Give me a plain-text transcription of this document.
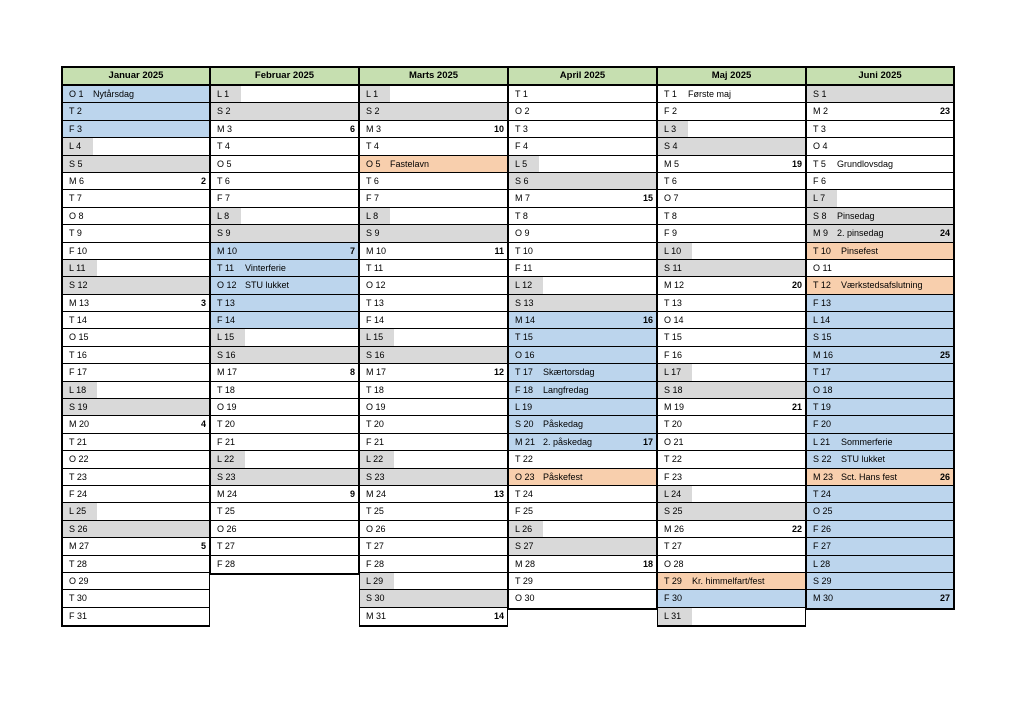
Januar 2025
O 1 Nytårsdag
T 2
F 3
L 4
S 5
M 6	2
T 7
O 8
T 9
F 10
L 11
S 12
M 13	3
T 14
O 15
T 16
F 17
L 18
S 19
M 20	4
T 21
O 22
T 23
F 24
L 25
S 26
M 27	5
T 28
O 29
T 30
F 31
Februar 2025
L 1
S 2
M 3	6
T 4
O 5
T 6
F 7
L 8
S 9
M 10	7
T 11 Vinterferie
O 12 STU lukket
T 13
F 14
L 15
S 16
M 17	8
T 18
O 19
T 20
F 21
L 22
S 23
M 24	9
T 25
O 26
T 27
F 28
Marts 2025
L 1
S 2
M 3	10
T 4
O 5 Fastelavn
T 6
F 7
L 8
S 9
M 10	11
T 11
O 12
T 13
F 14
L 15
S 16
M 17	12
T 18
O 19
T 20
F 21
L 22
S 23
M 24	13
T 25
O 26
T 27
F 28
L 29
S 30
M 31	14
April 2025
T 1
O 2
T 3
F 4
L 5
S 6
M 7	15
T 8
O 9
T 10
F 11
L 12
S 13
M 14	16
T 15
O 16
T 17 Skærtorsdag
F 18 Langfredag
L 19
S 20 Påskedag
M 21 2. påskedag	17
T 22
O 23 Påskefest
T 24
F 25
L 26
S 27
M 28	18
T 29
O 30
Maj 2025
T 1 Første maj
F 2
L 3
S 4
M 5	19
T 6
O 7
T 8
F 9
L 10
S 11
M 12	20
T 13
O 14
T 15
F 16
L 17
S 18
M 19	21
T 20
O 21
T 22
F 23
L 24
S 25
M 26	22
T 27
O 28
T 29 Kr. himmelfart/fest
F 30
L 31
Juni 2025
S 1
M 2	23
T 3
O 4
T 5 Grundlovsdag
F 6
L 7
S 8 Pinsedag
M 9 2. pinsedag	24
T 10 Pinsefest
O 11
T 12 Værkstedsafslutning
F 13
L 14
S 15
M 16	25
T 17
O 18
T 19
F 20
L 21 Sommerferie
S 22 STU lukket
M 23 Sct. Hans fest	26
T 24
O 25
F 26
F 27
L 28
S 29
M 30	27
